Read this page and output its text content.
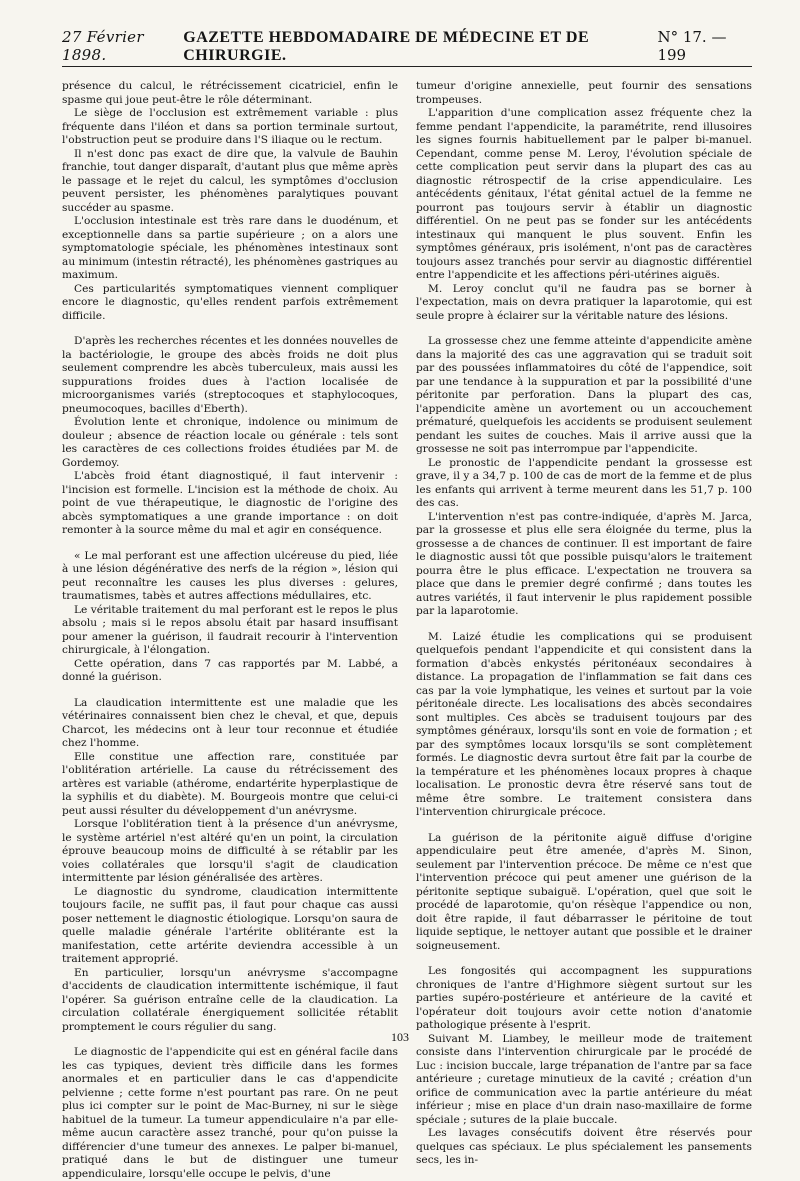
27 Février 1898.
GAZETTE HEBDOMADAIRE DE MÉDECINE ET DE CHIRURGIE.
N° 17. — 199

présence du calcul, le rétrécissement cicatriciel, enfin le spasme qui joue peut-être le rôle déterminant.

Le siège de l'occlusion est extrêmement variable : plus fréquente dans l'iléon et dans sa portion terminale surtout, l'obstruction peut se produire dans l'S iliaque ou le rectum.

Il n'est donc pas exact de dire que, la valvule de Bauhin franchie, tout danger disparaît, d'autant plus que même après le passage et le rejet du calcul, les symptômes d'occlusion peuvent persister, les phénomènes paralytiques pouvant succéder au spasme.

L'occlusion intestinale est très rare dans le duodénum, et exceptionnelle dans sa partie supérieure ; on a alors une symptomatologie spéciale, les phénomènes intestinaux sont au minimum (intestin rétracté), les phénomènes gastriques au maximum.

Ces particularités symptomatiques viennent compliquer encore le diagnostic, qu'elles rendent parfois extrêmement difficile.

D'après les recherches récentes et les données nouvelles de la bactériologie, le groupe des abcès froids ne doit plus seulement comprendre les abcès tuberculeux, mais aussi les suppurations froides dues à l'action localisée de microorganismes variés (streptocoques et staphylocoques, pneumocoques, bacilles d'Eberth).

Évolution lente et chronique, indolence ou minimum de douleur ; absence de réaction locale ou générale : tels sont les caractères de ces collections froides étudiées par M. de Gordemoy.

L'abcès froid étant diagnostiqué, il faut intervenir : l'incision est formelle. L'incision est la méthode de choix. Au point de vue thérapeutique, le diagnostic de l'origine des abcès symptomatiques a une grande importance : on doit remonter à la source même du mal et agir en conséquence.

« Le mal perforant est une affection ulcéreuse du pied, liée à une lésion dégénérative des nerfs de la région », lésion qui peut reconnaître les causes les plus diverses : gelures, traumatismes, tabès et autres affections médullaires, etc.

Le véritable traitement du mal perforant est le repos le plus absolu ; mais si le repos absolu était par hasard insuffisant pour amener la guérison, il faudrait recourir à l'intervention chirurgicale, à l'élongation.

Cette opération, dans 7 cas rapportés par M. Labbé, a donné la guérison.

La claudication intermittente est une maladie que les vétérinaires connaissent bien chez le cheval, et que, depuis Charcot, les médecins ont à leur tour reconnue et étudiée chez l'homme.

Elle constitue une affection rare, constituée par l'oblitération artérielle. La cause du rétrécissement des artères est variable (athérome, endartérite hyperplastique de la syphilis et du diabète). M. Bourgeois montre que celui-ci peut aussi résulter du développement d'un anévrysme.

Lorsque l'oblitération tient à la présence d'un anévrysme, le système artériel n'est altéré qu'en un point, la circulation éprouve beaucoup moins de difficulté à se rétablir par les voies collatérales que lorsqu'il s'agit de claudication intermittente par lésion généralisée des artères.

Le diagnostic du syndrome, claudication intermittente toujours facile, ne suffit pas, il faut pour chaque cas aussi poser nettement le diagnostic étiologique. Lorsqu'on saura de quelle maladie générale l'artérite oblitérante est la manifestation, cette artérite deviendra accessible à un traitement approprié.

En particulier, lorsqu'un anévrysme s'accompagne d'accidents de claudication intermittente ischémique, il faut l'opérer. Sa guérison entraîne celle de la claudication. La circulation collatérale énergiquement sollicitée rétablit promptement le cours régulier du sang.

Le diagnostic de l'appendicite qui est en général facile dans les cas typiques, devient très difficile dans les formes anormales et en particulier dans le cas d'appendicite pelvienne ; cette forme n'est pourtant pas rare. On ne peut plus ici compter sur le point de Mac-Burney, ni sur le siège habituel de la tumeur. La tumeur appendiculaire n'a par elle-même aucun caractère assez tranché, pour qu'on puisse la différencier d'une tumeur des annexes. Le palper bi-manuel, pratiqué dans le but de distinguer une tumeur appendiculaire, lorsqu'elle occupe le pelvis, d'une

tumeur d'origine annexielle, peut fournir des sensations trompeuses.

L'apparition d'une complication assez fréquente chez la femme pendant l'appendicite, la paramétrite, rend illusoires les signes fournis habituellement par le palper bi-manuel. Cependant, comme pense M. Leroy, l'évolution spéciale de cette complication peut servir dans la plupart des cas au diagnostic rétrospectif de la crise appendiculaire. Les antécédents génitaux, l'état génital actuel de la femme ne pourront pas toujours servir à établir un diagnostic différentiel. On ne peut pas se fonder sur les antécédents intestinaux qui manquent le plus souvent. Enfin les symptômes généraux, pris isolément, n'ont pas de caractères toujours assez tranchés pour servir au diagnostic différentiel entre l'appendicite et les affections péri-utérines aiguës.

M. Leroy conclut qu'il ne faudra pas se borner à l'expectation, mais on devra pratiquer la laparotomie, qui est seule propre à éclairer sur la véritable nature des lésions.

La grossesse chez une femme atteinte d'appendicite amène dans la majorité des cas une aggravation qui se traduit soit par des poussées inflammatoires du côté de l'appendice, soit par une tendance à la suppuration et par la possibilité d'une péritonite par perforation. Dans la plupart des cas, l'appendicite amène un avortement ou un accouchement prématuré, quelquefois les accidents se produisent seulement pendant les suites de couches. Mais il arrive aussi que la grossesse ne soit pas interrompue par l'appendicite.

Le pronostic de l'appendicite pendant la grossesse est grave, il y a 34,7 p. 100 de cas de mort de la femme et de plus les enfants qui arrivent à terme meurent dans les 51,7 p. 100 des cas.

L'intervention n'est pas contre-indiquée, d'après M. Jarca, par la grossesse et plus elle sera éloignée du terme, plus la grossesse a de chances de continuer. Il est important de faire le diagnostic aussi tôt que possible puisqu'alors le traitement pourra être le plus efficace. L'expectation ne trouvera sa place que dans le premier degré confirmé ; dans toutes les autres variétés, il faut intervenir le plus rapidement possible par la laparotomie.

M. Laizé étudie les complications qui se produisent quelquefois pendant l'appendicite et qui consistent dans la formation d'abcès enkystés péritonéaux secondaires à distance. La propagation de l'inflammation se fait dans ces cas par la voie lymphatique, les veines et surtout par la voie péritonéale directe. Les localisations des abcès secondaires sont multiples. Ces abcès se traduisent toujours par des symptômes généraux, lorsqu'ils sont en voie de formation ; et par des symptômes locaux lorsqu'ils se sont complètement formés. Le diagnostic devra surtout être fait par la courbe de la température et les phénomènes locaux propres à chaque localisation. Le pronostic devra être réservé sans tout de même être sombre. Le traitement consistera dans l'intervention chirurgicale précoce.

La guérison de la péritonite aiguë diffuse d'origine appendiculaire peut être amenée, d'après M. Sinon, seulement par l'intervention précoce. De même ce n'est que l'intervention précoce qui peut amener une guérison de la péritonite septique subaiguë. L'opération, quel que soit le procédé de laparotomie, qu'on résèque l'appendice ou non, doit être rapide, il faut débarrasser le péritoine de tout liquide septique, le nettoyer autant que possible et le drainer soigneusement.

Les fongosités qui accompagnent les suppurations chroniques de l'antre d'Highmore siègent surtout sur les parties supéro-postérieure et antérieure de la cavité et l'opérateur doit toujours avoir cette notion d'anatomie pathologique présente à l'esprit.

Suivant M. Liambey, le meilleur mode de traitement consiste dans l'intervention chirurgicale par le procédé de Luc : incision buccale, large trépanation de l'antre par sa face antérieure ; curetage minutieux de la cavité ; création d'un orifice de communication avec la partie antérieure du méat inférieur ; mise en place d'un drain naso-maxillaire de forme spéciale ; sutures de la plaie buccale.

Les lavages consécutifs doivent être réservés pour quelques cas spéciaux. Le plus spécialement les pansements secs, les in-

103
